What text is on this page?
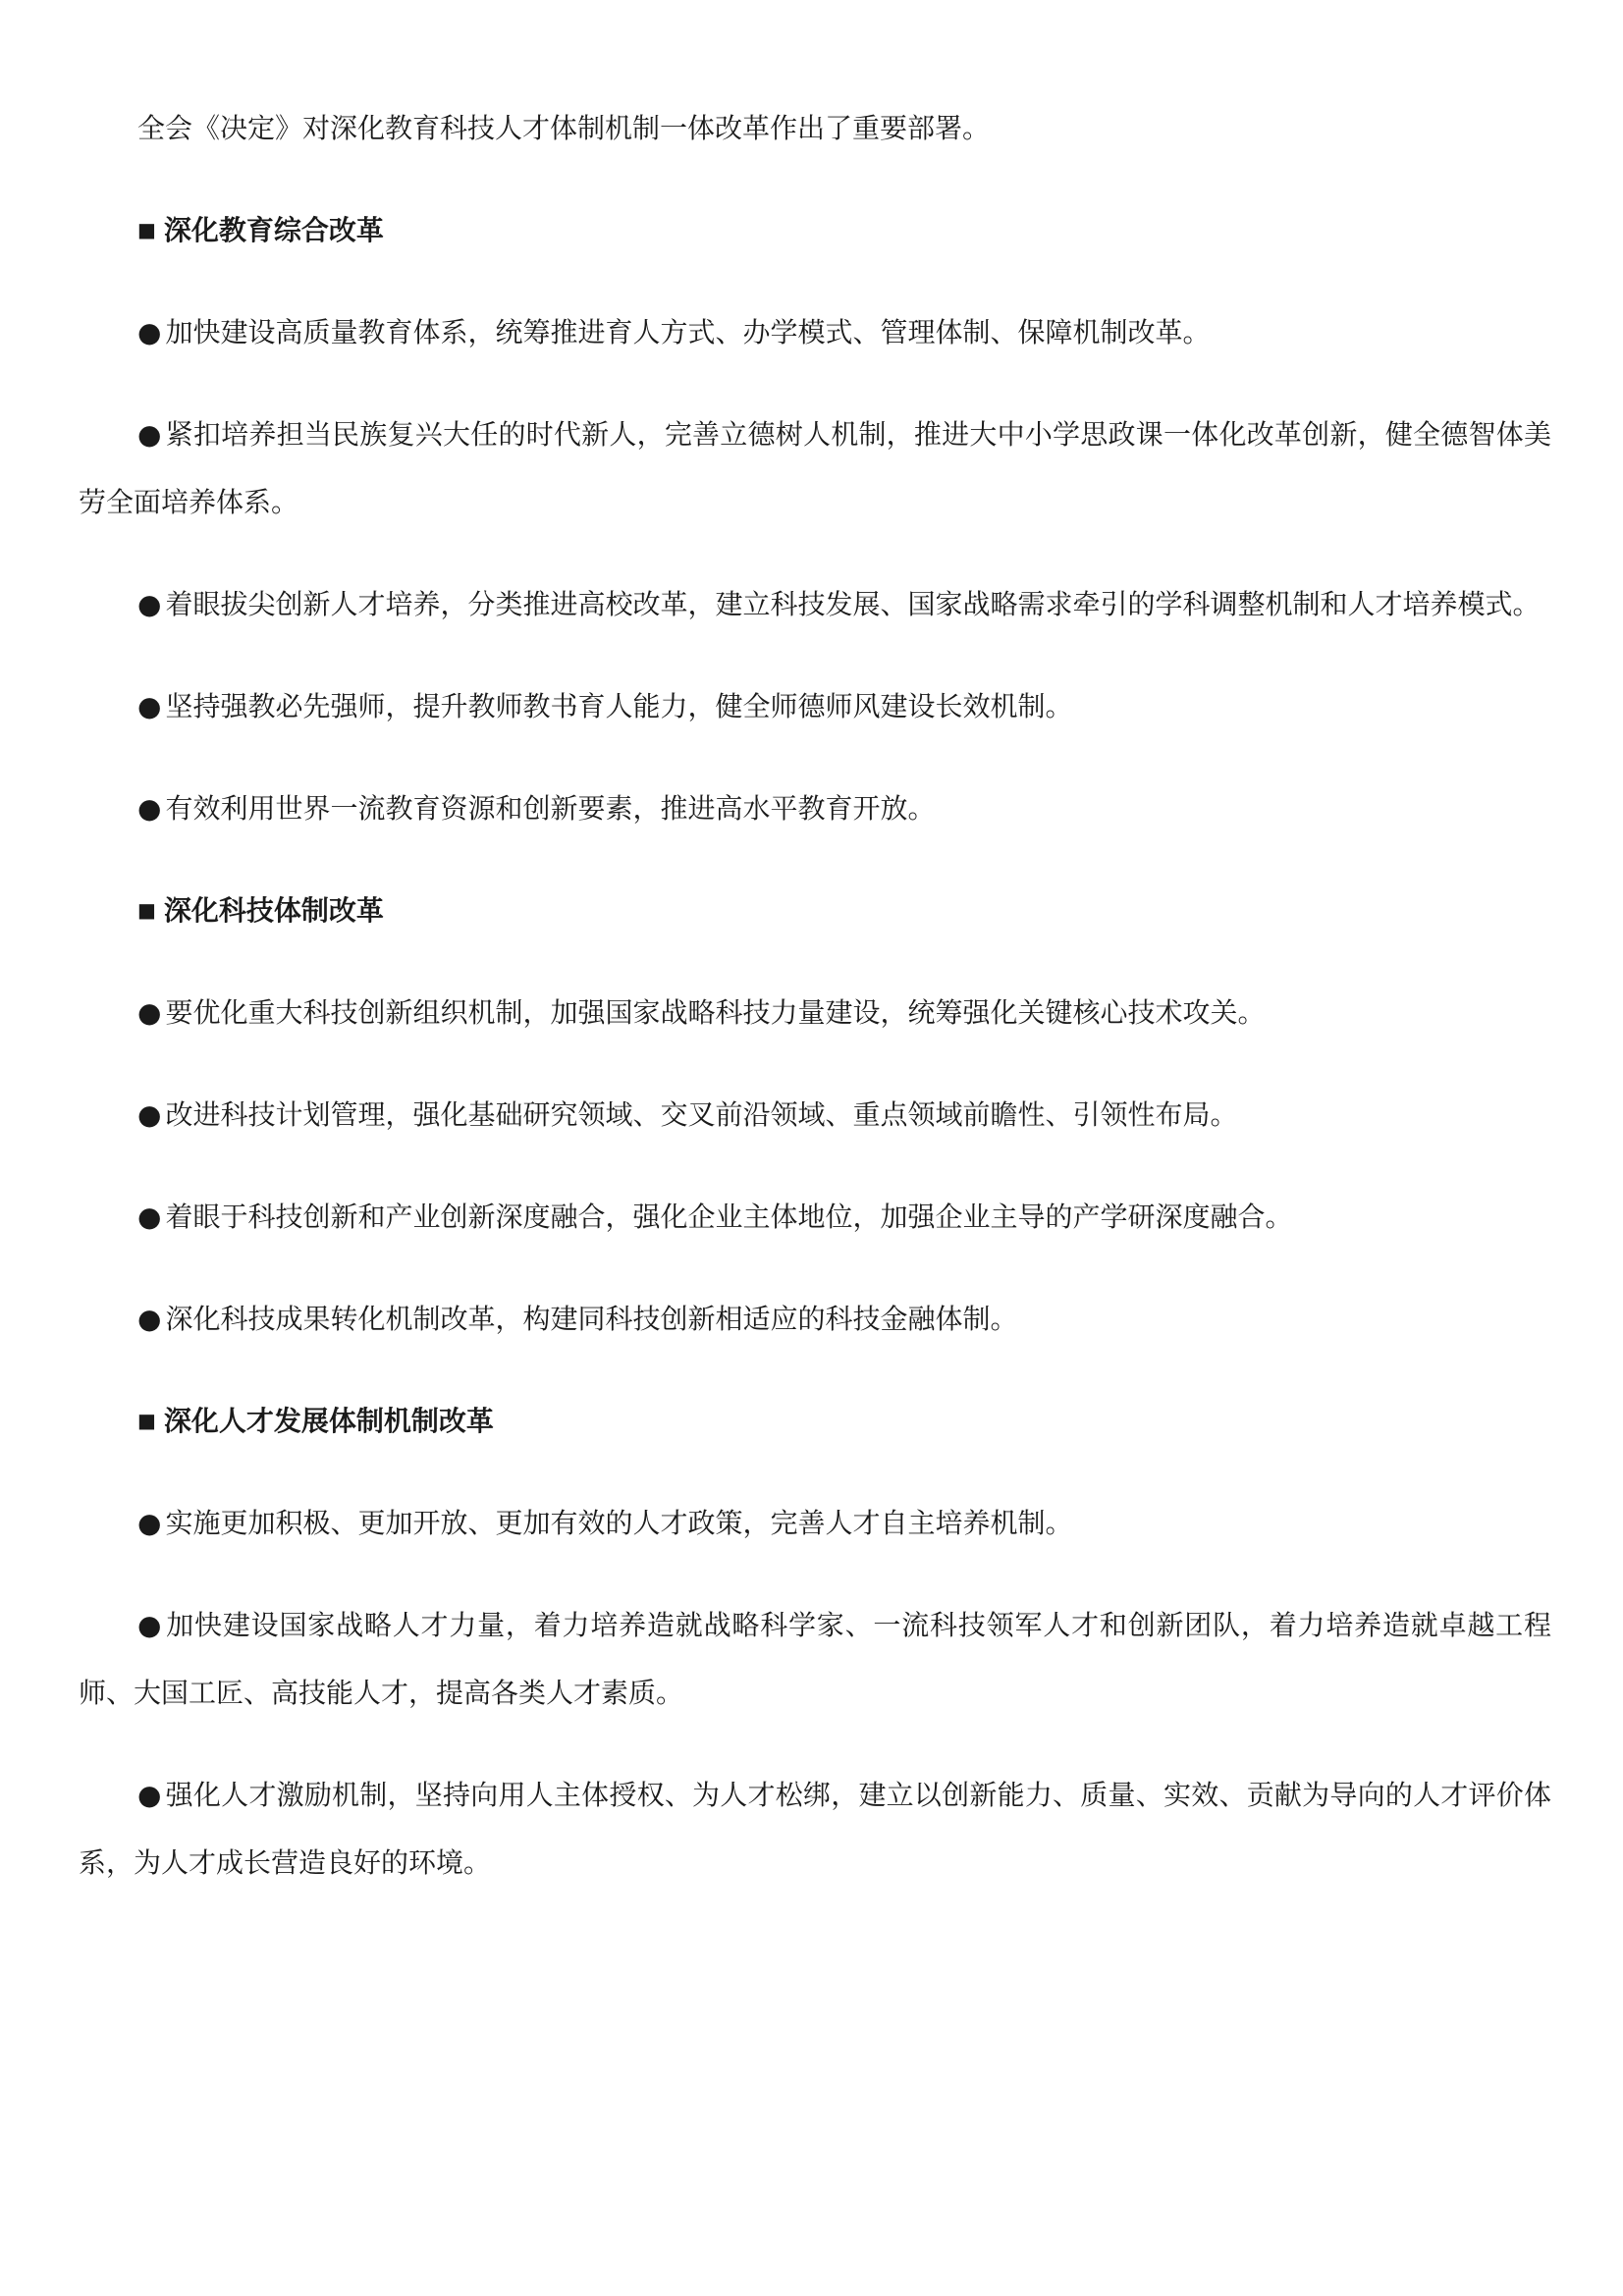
全会《决定》对深化教育科技人才体制机制一体改革作出了重要部署。

■ 深化教育综合改革

● 加快建设高质量教育体系，统筹推进育人方式、办学模式、管理体制、保障机制改革。

● 紧扣培养担当民族复兴大任的时代新人，完善立德树人机制，推进大中小学思政课一体化改革创新，健全德智体美劳全面培养体系。

● 着眼拔尖创新人才培养，分类推进高校改革，建立科技发展、国家战略需求牵引的学科调整机制和人才培养模式。

● 坚持强教必先强师，提升教师教书育人能力，健全师德师风建设长效机制。

● 有效利用世界一流教育资源和创新要素，推进高水平教育开放。

■ 深化科技体制改革

● 要优化重大科技创新组织机制，加强国家战略科技力量建设，统筹强化关键核心技术攻关。

● 改进科技计划管理，强化基础研究领域、交叉前沿领域、重点领域前瞻性、引领性布局。

● 着眼于科技创新和产业创新深度融合，强化企业主体地位，加强企业主导的产学研深度融合。

● 深化科技成果转化机制改革，构建同科技创新相适应的科技金融体制。

■ 深化人才发展体制机制改革

● 实施更加积极、更加开放、更加有效的人才政策，完善人才自主培养机制。

● 加快建设国家战略人才力量，着力培养造就战略科学家、一流科技领军人才和创新团队，着力培养造就卓越工程师、大国工匠、高技能人才，提高各类人才素质。

● 强化人才激励机制，坚持向用人主体授权、为人才松绑，建立以创新能力、质量、实效、贡献为导向的人才评价体系，为人才成长营造良好的环境。
